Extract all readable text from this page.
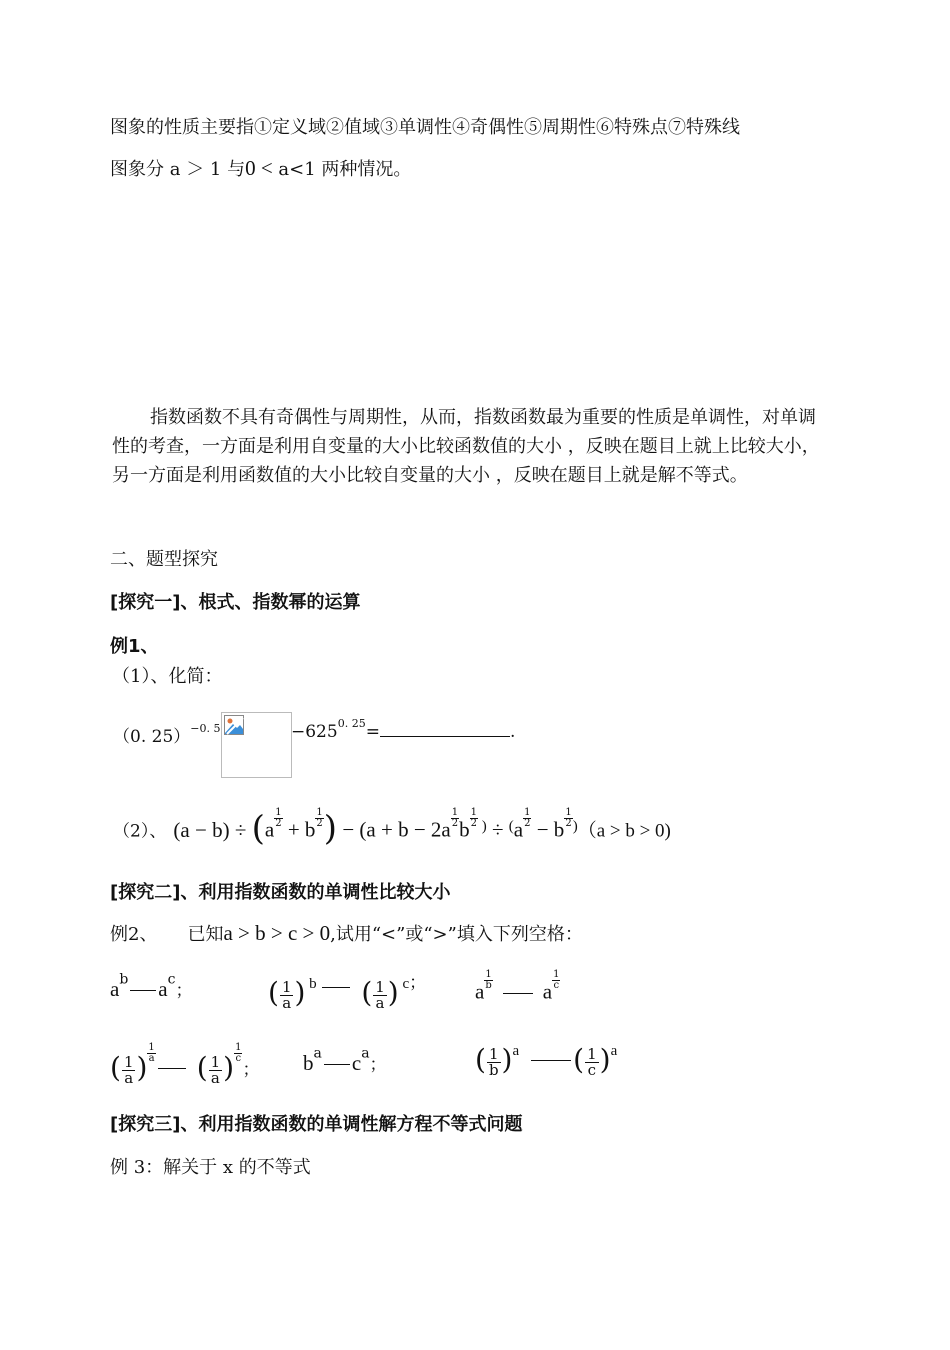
图象的性质主要指①定义域②值域③单调性④奇偶性⑤周期性⑥特殊点⑦特殊线
图象分 a ＞ 1 与0 < a<1 两种情况。
指数函数不具有奇偶性与周期性，从而，指数函数最为重要的性质是单调性，对单调性的考查，一方面是利用自变量的大小比较函数值的大小 ，反映在题目上就上比较大小，另一方面是利用函数值的大小比较自变量的大小 ，反映在题目上就是解不等式。
二、题型探究
[探究一]、根式、指数幂的运算
例1、
（1）、化简：
（0. 25）$^{-0. 5}$	$-625^{0. 25}=$	.
（2）、 $(a - b) \div (a \frac{1}{2} + b \frac{1}{2}$ ) − ($a + b - 2a \frac{1}{2}$ b $\frac{1}{2}$ ) ÷ $(a \frac{1}{2} - b \frac{1}{2} )(a > b > 0)$
[探究二]、利用指数函数的单调性比较大小
例2、 已知a > b > c > 0,试用“<”或“>”填入下列空格：
$a^b$ $a^c$；	( $\frac{1}{a}$ ) b  ( $\frac{1}{a}$ ) c； a $\frac{1}{b}$ a $\frac{1}{c}$
( $\frac{1}{a}$ ) $\frac{1}{a}$ ( $\frac{1}{a}$ ) $\frac{1}{c}$
； $b^a$ $c^a$；	( $\frac{1}{b} )a$ ( $\frac{1}{c} )a$
[探究三]、利用指数函数的单调性解方程不等式问题
例 3：解关于 x 的不等式
